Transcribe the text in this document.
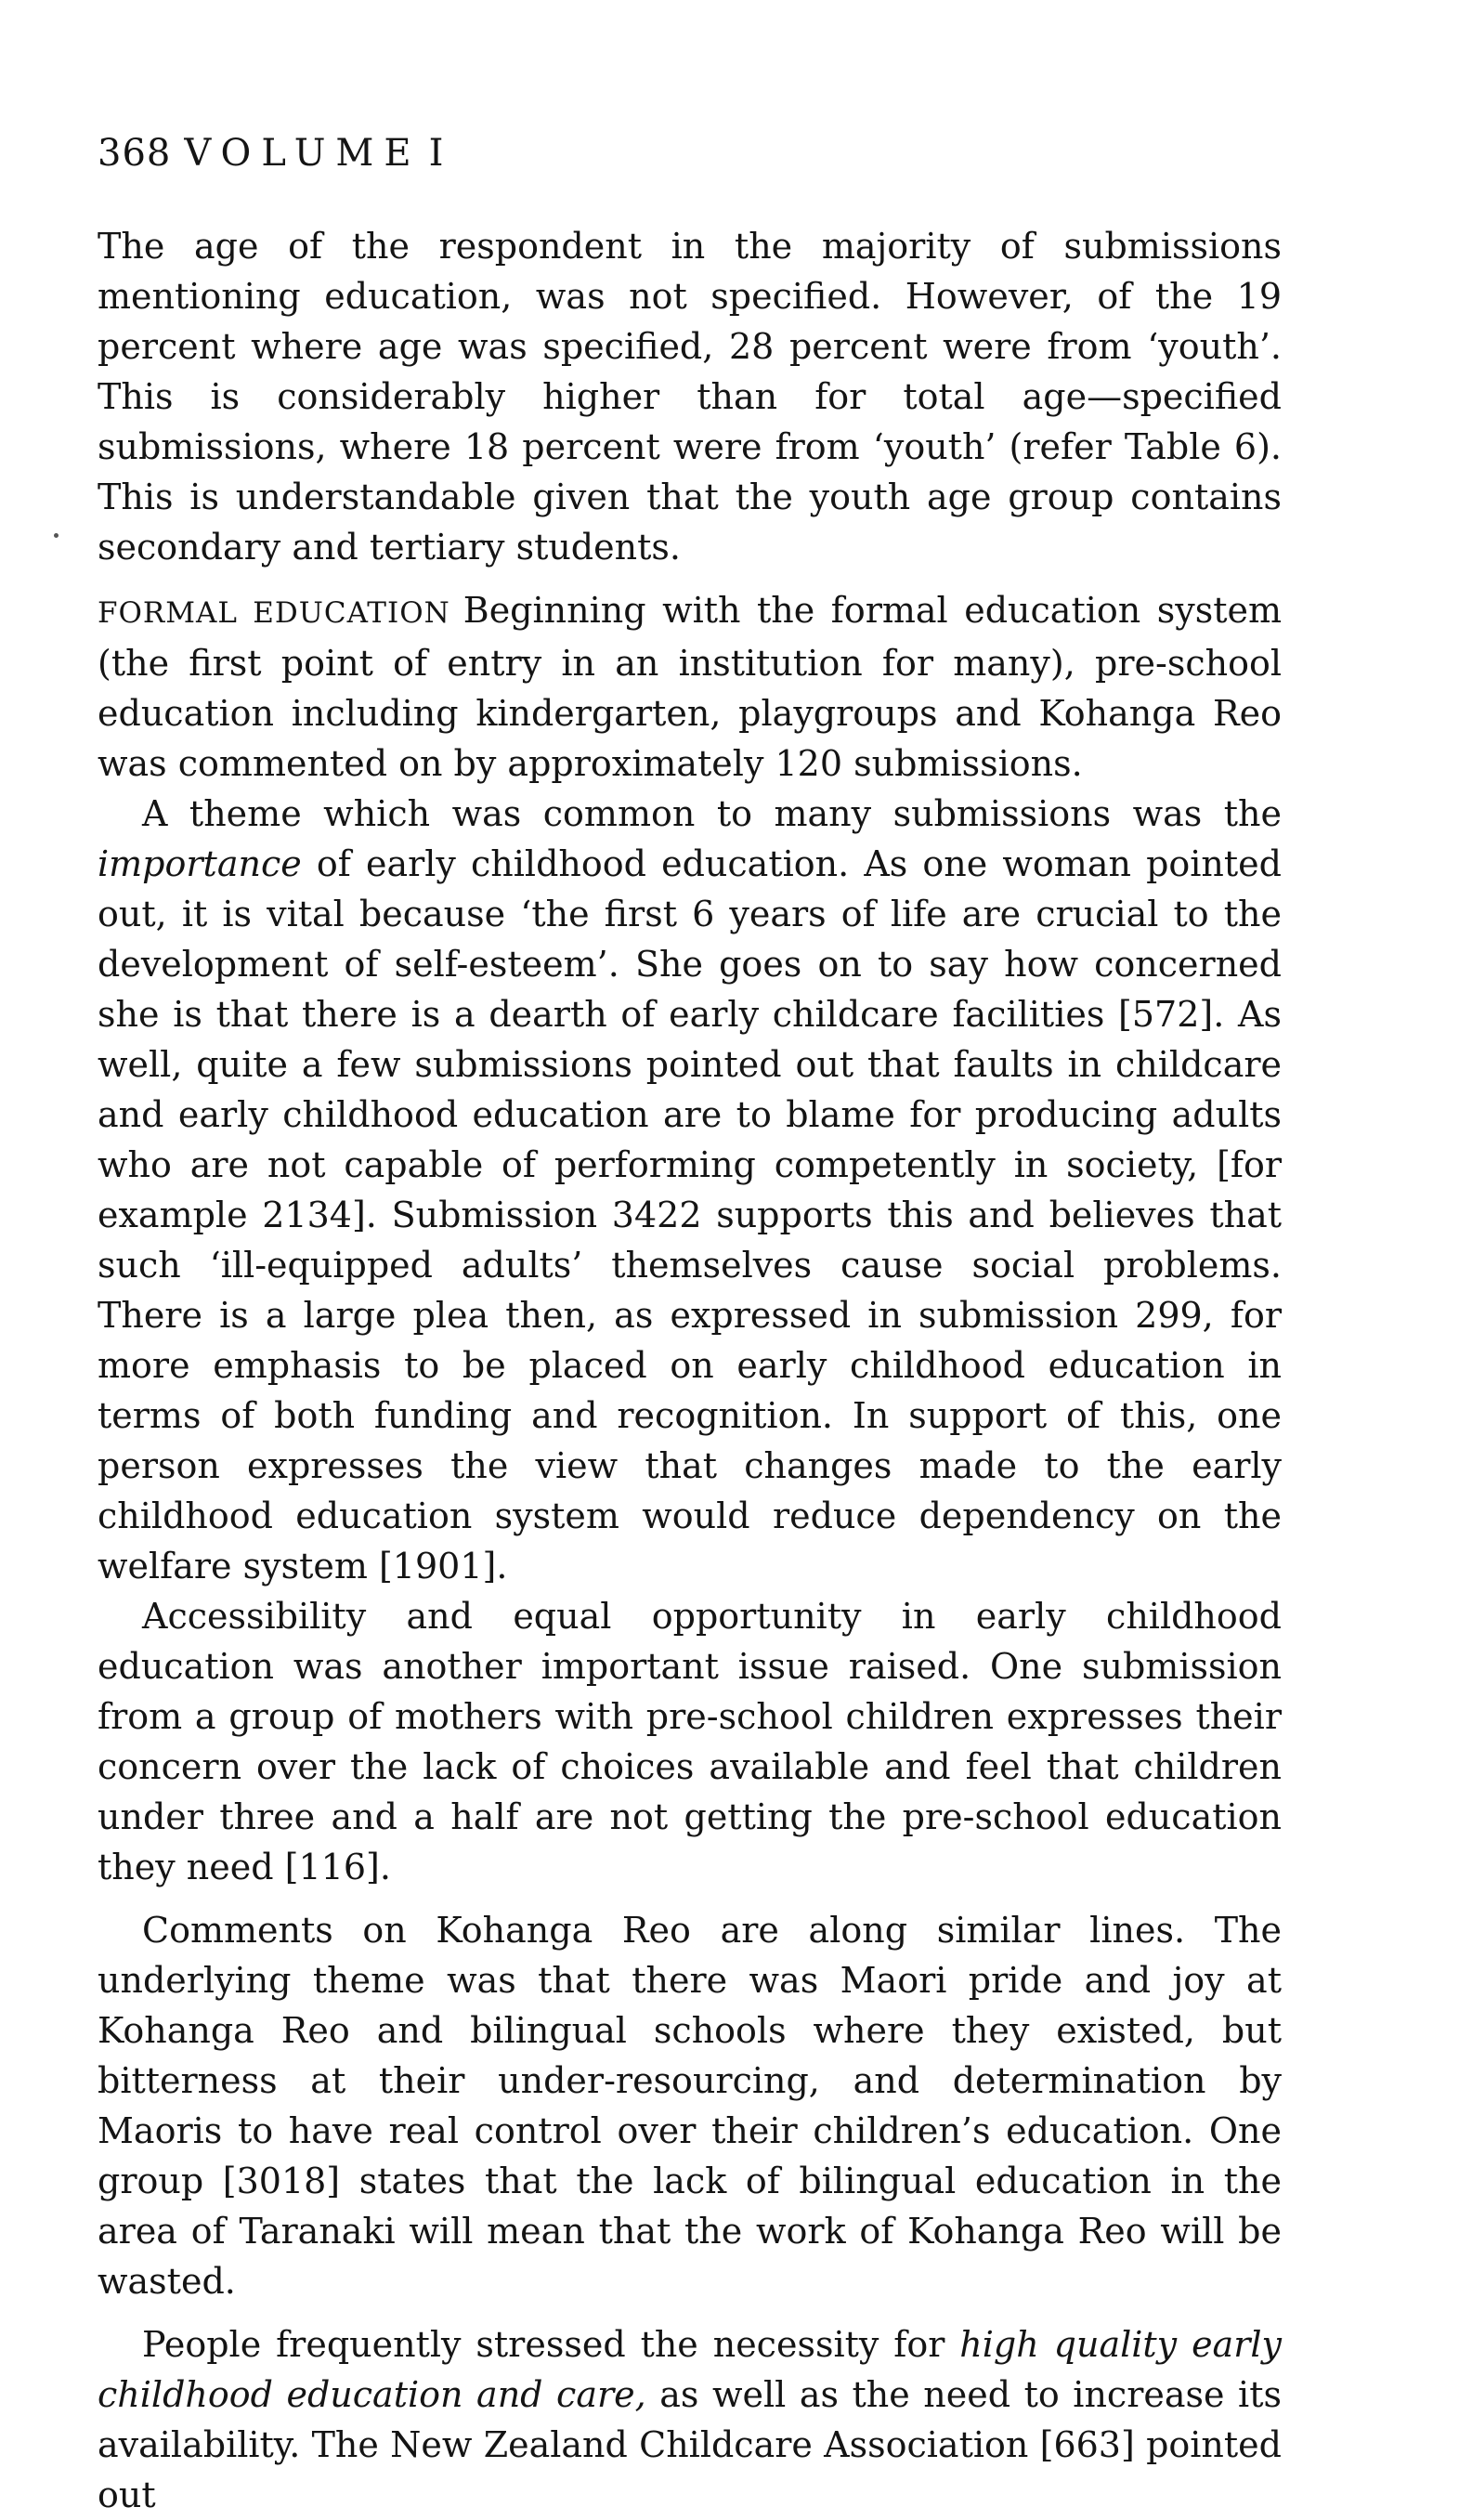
368 VOLUME I

The age of the respondent in the majority of submissions mentioning education, was not specified. However, of the 19 percent where age was specified, 28 percent were from ‘youth’. This is considerably higher than for total age—specified submissions, where 18 percent were from ‘youth’ (refer Table 6). This is understandable given that the youth age group contains secondary and tertiary students.

FORMAL EDUCATION Beginning with the formal education system (the first point of entry in an institution for many), pre-school education including kindergarten, playgroups and Kohanga Reo was commented on by approximately 120 submissions.

A theme which was common to many submissions was the importance of early childhood education. As one woman pointed out, it is vital because ‘the first 6 years of life are crucial to the development of self-esteem’. She goes on to say how concerned she is that there is a dearth of early childcare facilities [572]. As well, quite a few submissions pointed out that faults in childcare and early childhood education are to blame for producing adults who are not capable of performing competently in society, [for example 2134]. Submission 3422 supports this and believes that such ‘ill-equipped adults’ themselves cause social problems. There is a large plea then, as expressed in submission 299, for more emphasis to be placed on early childhood education in terms of both funding and recognition. In support of this, one person expresses the view that changes made to the early childhood education system would reduce dependency on the welfare system [1901].

Accessibility and equal opportunity in early childhood education was another important issue raised. One submission from a group of mothers with pre-school children expresses their concern over the lack of choices available and feel that children under three and a half are not getting the pre-school education they need [116].

Comments on Kohanga Reo are along similar lines. The underlying theme was that there was Maori pride and joy at Kohanga Reo and bilingual schools where they existed, but bitterness at their under-resourcing, and determination by Maoris to have real control over their children’s education. One group [3018] states that the lack of bilingual education in the area of Taranaki will mean that the work of Kohanga Reo will be wasted.

People frequently stressed the necessity for high quality early childhood education and care, as well as the need to increase its availability. The New Zealand Childcare Association [663] pointed out
